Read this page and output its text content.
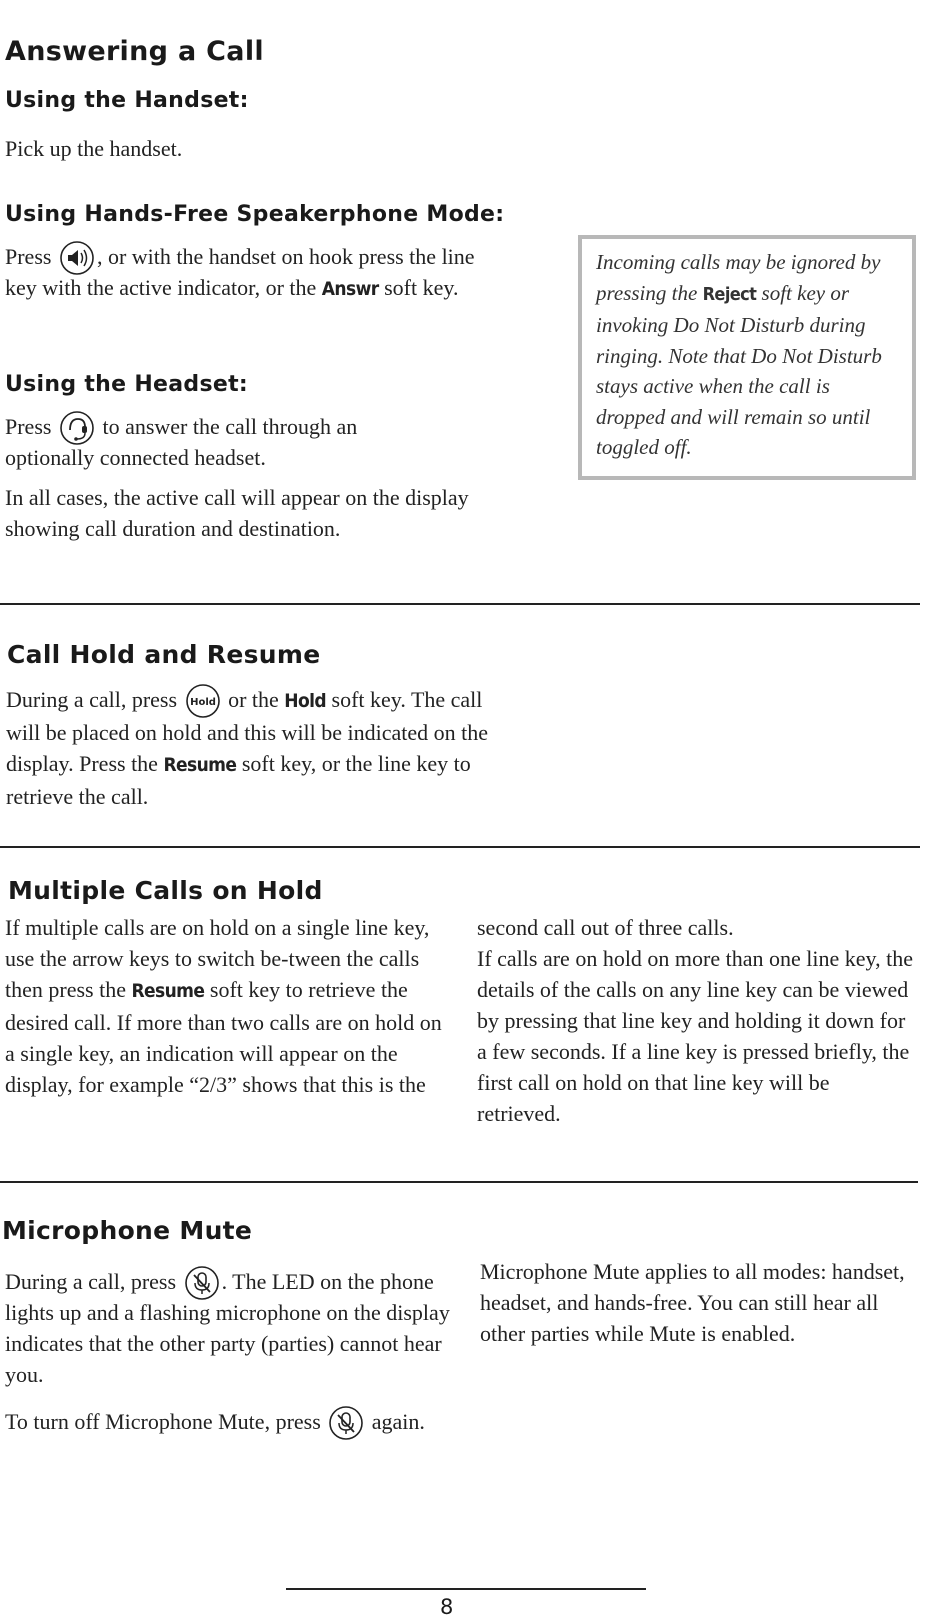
Answering a Call
Using the Handset:

Pick up the handset.

Using Hands-Free Speakerphone Mode:

Press , or with the handset on hook press the line key with the active indicator, or the Answr soft key.

Using the Headset:

Press to answer the call through an optionally connected headset.

In all cases, the active call will appear on the display showing call duration and destination.

Incoming calls may be ignored by pressing the Reject soft key or invoking Do Not Disturb during ringing. Note that Do Not Disturb stays active when the call is dropped and will remain so until toggled off.

Call Hold and Resume

During a call, press Hold or the Hold soft key. The call will be placed on hold and this will be indicated on the display. Press the Resume soft key, or the line key to retrieve the call.

Multiple Calls on Hold

If multiple calls are on hold on a single line key, use the arrow keys to switch be-tween the calls then press the Resume soft key to retrieve the desired call. If more than two calls are on hold on a single key, an indication will appear on the display, for example “2/3” shows that this is the

second call out of three calls.
If calls are on hold on more than one line key, the details of the calls on any line key can be viewed by pressing that line key and holding it down for a few seconds. If a line key is pressed briefly, the first call on hold on that line key will be retrieved.
Microphone Mute

During a call, press . The LED on the phone lights up and a flashing microphone on the display indicates that the other party (parties) cannot hear you.

To turn off Microphone Mute, press again.

Microphone Mute applies to all modes: handset, headset, and hands-free. You can still hear all other parties while Mute is enabled.

8
